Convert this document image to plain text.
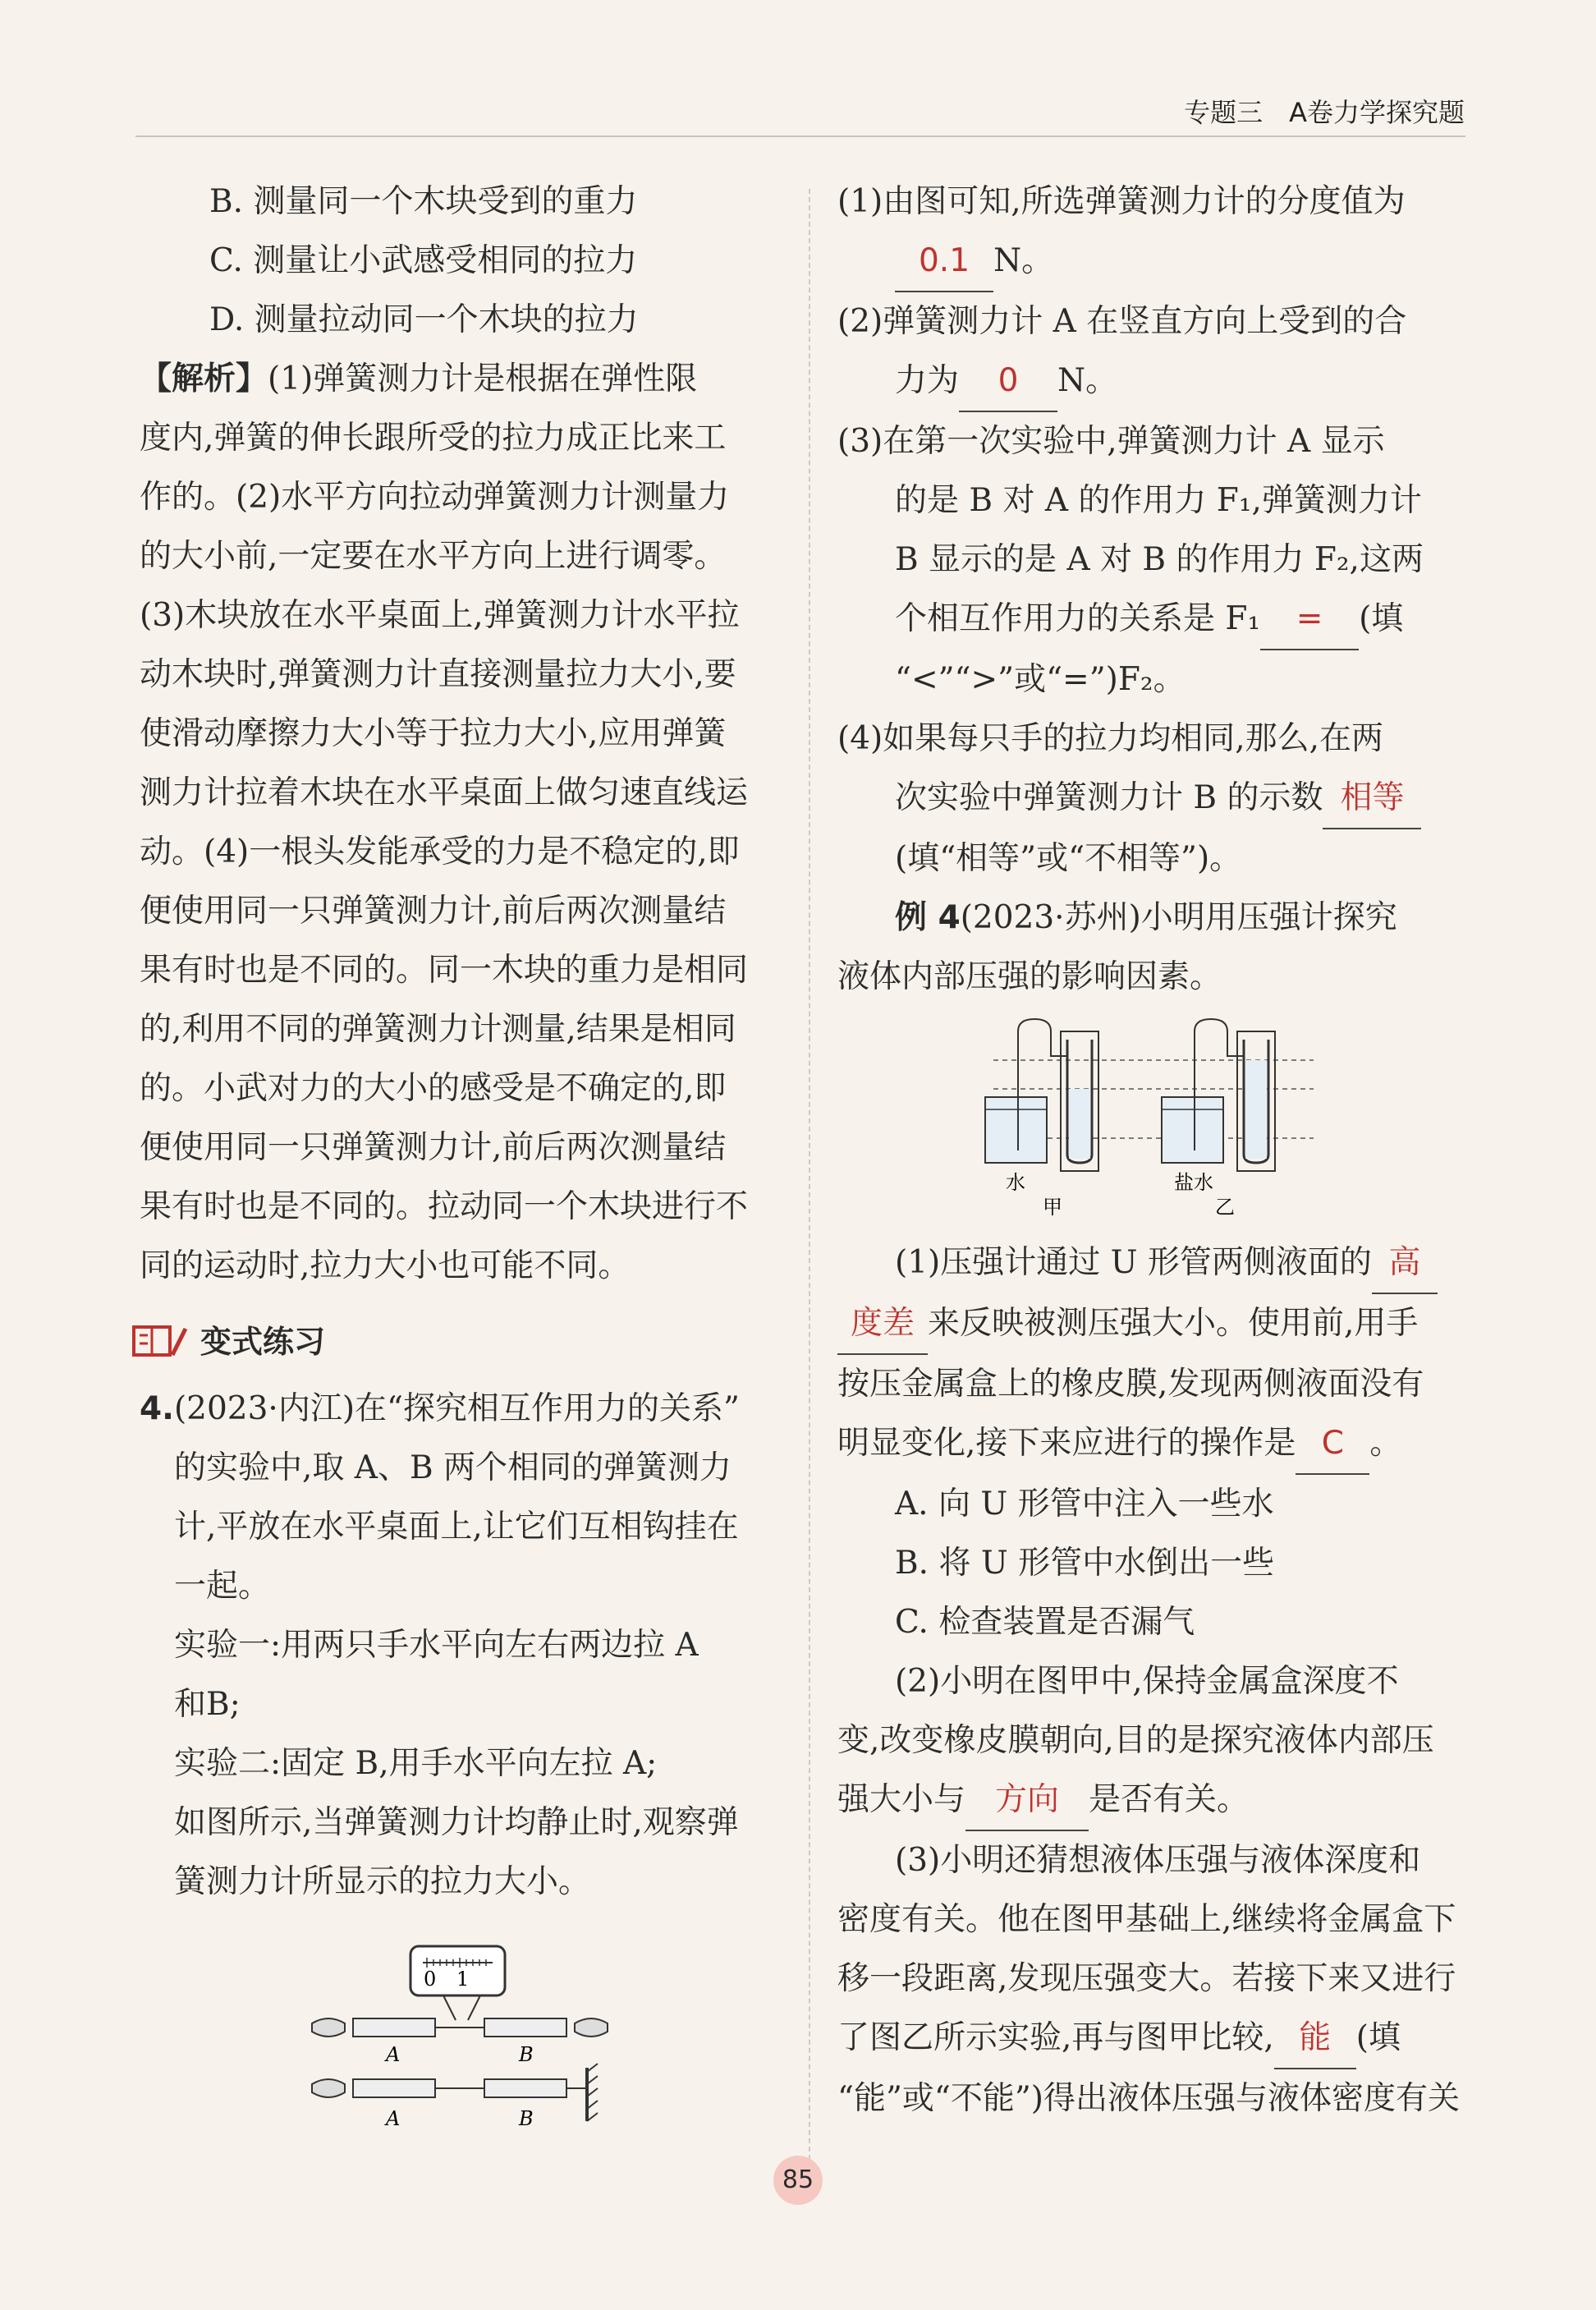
专题三　A卷力学探究题
B. 测量同一个木块受到的重力
C. 测量让小武感受相同的拉力
D. 测量拉动同一个木块的拉力
【解析】(1)弹簧测力计是根据在弹性限
度内,弹簧的伸长跟所受的拉力成正比来工
作的。(2)水平方向拉动弹簧测力计测量力
的大小前,一定要在水平方向上进行调零。
(3)木块放在水平桌面上,弹簧测力计水平拉
动木块时,弹簧测力计直接测量拉力大小,要
使滑动摩擦力大小等于拉力大小,应用弹簧
测力计拉着木块在水平桌面上做匀速直线运
动。(4)一根头发能承受的力是不稳定的,即
便使用同一只弹簧测力计,前后两次测量结
果有时也是不同的。同一木块的重力是相同
的,利用不同的弹簧测力计测量,结果是相同
的。小武对力的大小的感受是不确定的,即
便使用同一只弹簧测力计,前后两次测量结
果有时也是不同的。拉动同一个木块进行不
同的运动时,拉力大小也可能不同。
变式练习
4.(2023·内江)在“探究相互作用力的关系”
的实验中,取 A、B 两个相同的弹簧测力
计,平放在水平桌面上,让它们互相钩挂在
一起。
实验一:用两只手水平向左右两边拉 A
和B;
实验二:固定 B,用手水平向左拉 A;
如图所示,当弹簧测力计均静止时,观察弹
簧测力计所显示的拉力大小。
0 1
A	B
A	B
(1)由图可知,所选弹簧测力计的分度值为
0.1 N。
(2)弹簧测力计 A 在竖直方向上受到的合
力为 0 N。
(3)在第一次实验中,弹簧测力计 A 显示
的是 B 对 A 的作用力 F₁,弹簧测力计
B 显示的是 A 对 B 的作用力 F₂,这两
个相互作用力的关系是 F₁ = (填
“<”“>”或“=”)F₂。
(4)如果每只手的拉力均相同,那么,在两
次实验中弹簧测力计 B 的示数 相等
(填“相等”或“不相等”)。
例 4(2023·苏州)小明用压强计探究
液体内部压强的影响因素。
水	盐水
甲	乙
(1)压强计通过 U 形管两侧液面的 高
度差 来反映被测压强大小。使用前,用手
按压金属盒上的橡皮膜,发现两侧液面没有
明显变化,接下来应进行的操作是 C 。
A. 向 U 形管中注入一些水
B. 将 U 形管中水倒出一些
C. 检查装置是否漏气
(2)小明在图甲中,保持金属盒深度不
变,改变橡皮膜朝向,目的是探究液体内部压
强大小与 方向 是否有关。
(3)小明还猜想液体压强与液体深度和
密度有关。他在图甲基础上,继续将金属盒下
移一段距离,发现压强变大。若接下来又进行
了图乙所示实验,再与图甲比较, 能 (填
“能”或“不能”)得出液体压强与液体密度有关
85
